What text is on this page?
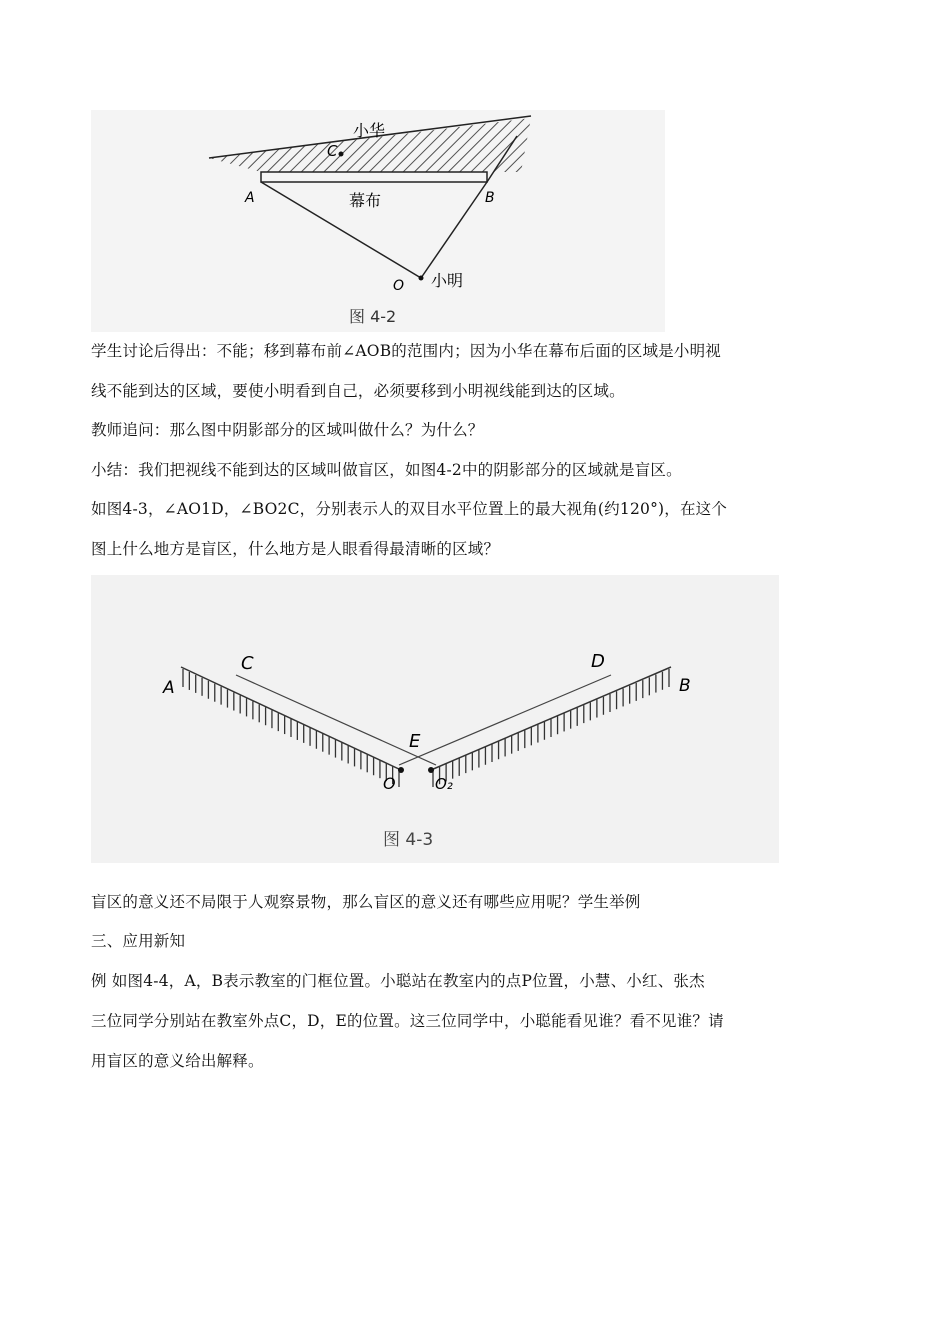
小华
C
A	B
幕布
O 小明
图 4-2
学生讨论后得出：不能；移到幕布前∠AOB的范围内；因为小华在幕布后面的区域是小明视
线不能到达的区域，要使小明看到自己，必须要移到小明视线能到达的区域。
教师追问：那么图中阴影部分的区域叫做什么？为什么？
小结：我们把视线不能到达的区域叫做盲区，如图4-2中的阴影部分的区域就是盲区。
如图4-3，∠AO1D，∠BO2C，分别表示人的双目水平位置上的最大视角(约120°)，在这个
图上什么地方是盲区，什么地方是人眼看得最清晰的区域？
A	B
C	D
E
O	O₂
图 4-3
盲区的意义还不局限于人观察景物，那么盲区的意义还有哪些应用呢？学生举例
三、应用新知
例 如图4-4，A，B表示教室的门框位置。小聪站在教室内的点P位置，小慧、小红、张杰
三位同学分别站在教室外点C，D，E的位置。这三位同学中，小聪能看见谁？看不见谁？请
用盲区的意义给出解释。
